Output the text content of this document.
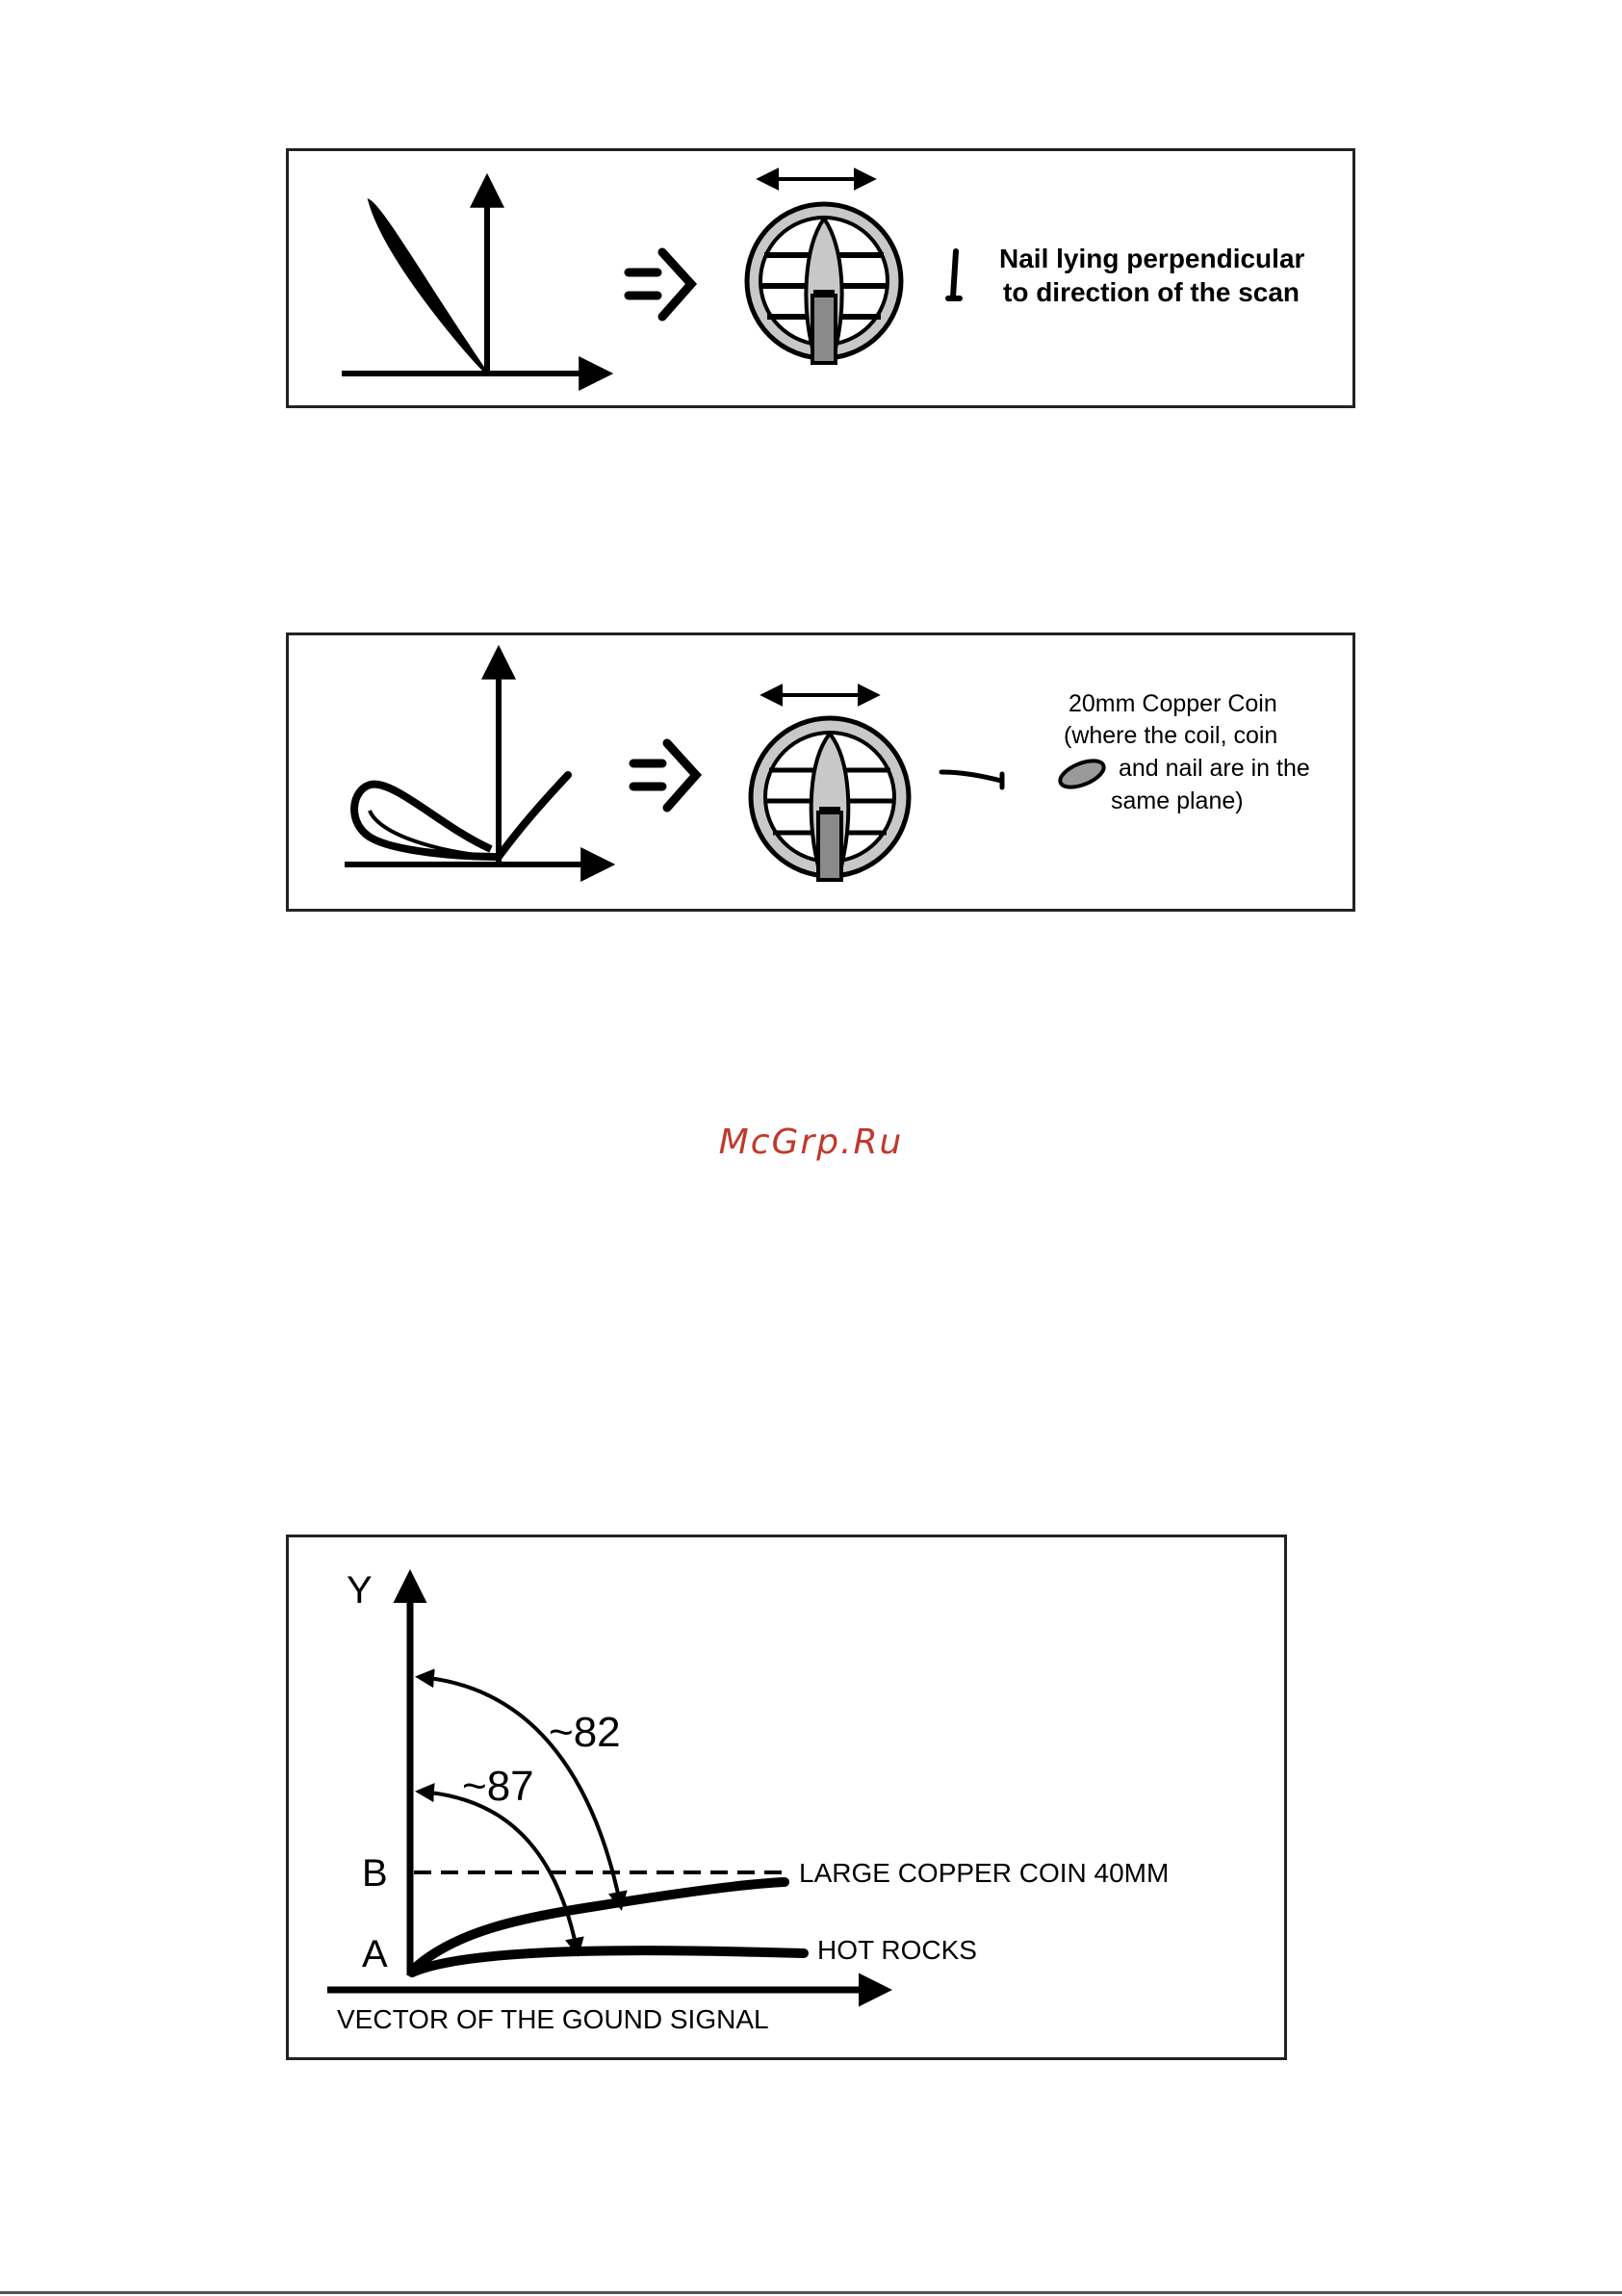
Nail lying perpendicular
to direction of the scan
20mm Copper Coin
(where the coil, coin
and nail are in the
same plane)
McGrp.Ru
Y
B
A
~82
~87
LARGE COPPER COIN 40MM
HOT ROCKS
VECTOR OF THE GOUND SIGNAL
